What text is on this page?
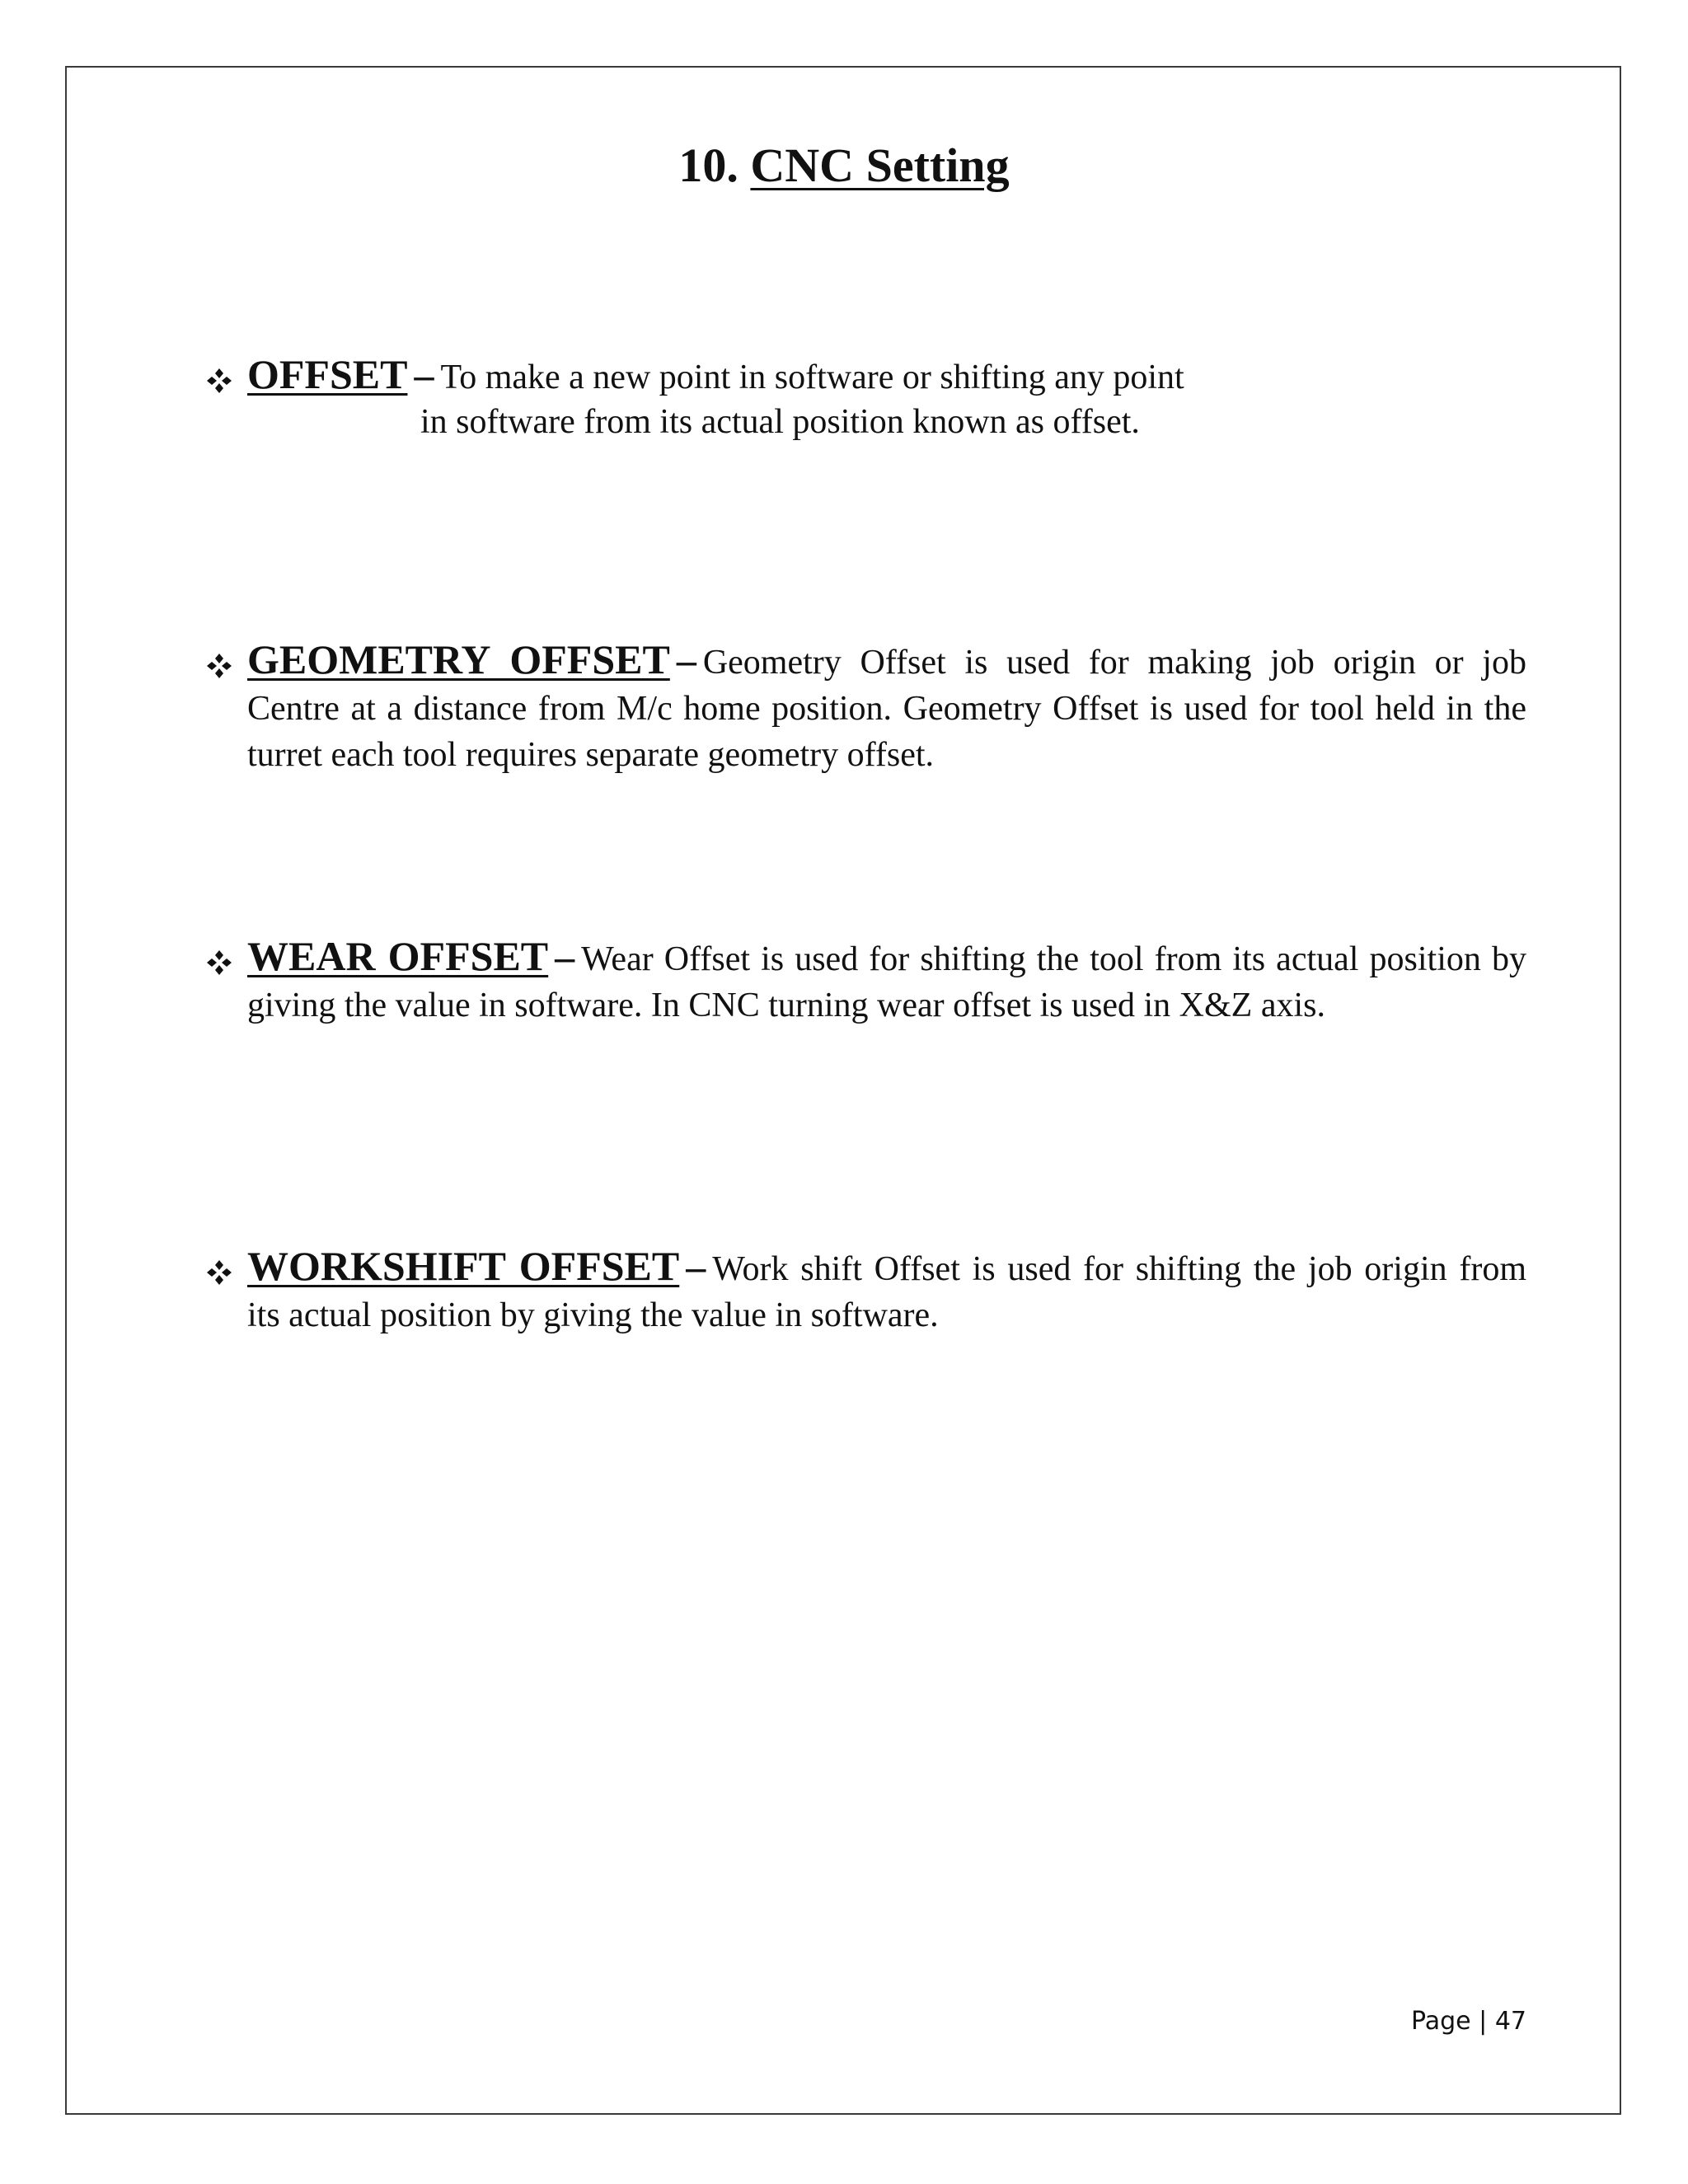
10. CNC Setting
OFFSET – To make a new point in software or shifting any point
in software from its actual position known as offset.
GEOMETRY OFFSET – Geometry Offset is used for making job origin or job Centre at a distance from M/c home position. Geometry Offset is used for tool held in the turret each tool requires separate geometry offset.
WEAR OFFSET – Wear Offset is used for shifting the tool from its actual position by giving the value in software. In CNC turning wear offset is used in X&Z axis.
WORKSHIFT OFFSET – Work shift Offset is used for shifting the job origin from its actual position by giving the value in software.
Page | 47
